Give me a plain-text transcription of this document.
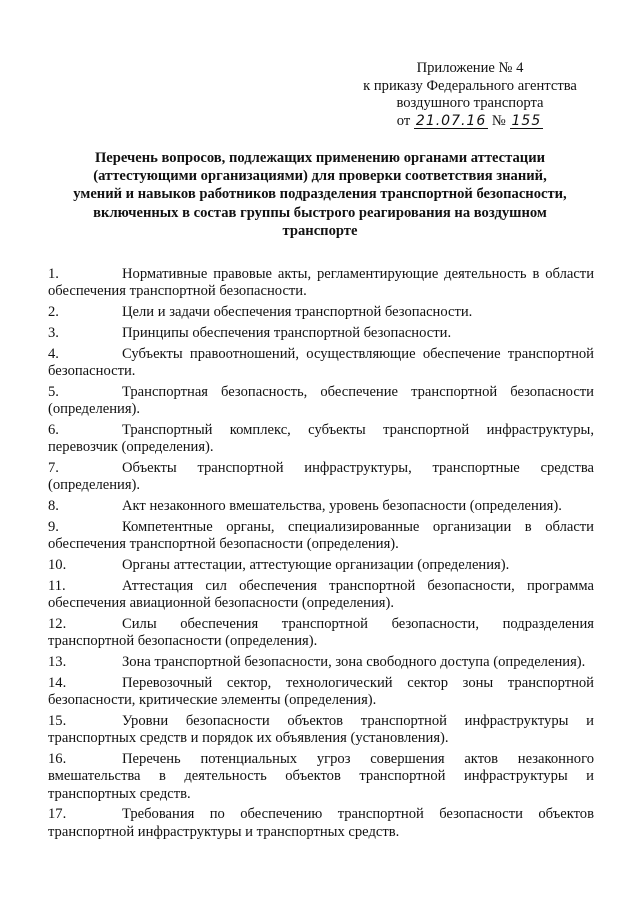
Приложение № 4
к приказу Федерального агентства
воздушного транспорта
от 21.07.16 № 155
Перечень вопросов, подлежащих применению органами аттестации (аттестующими организациями) для проверки соответствия знаний, умений и навыков работников подразделения транспортной безопасности, включенных в состав группы быстрого реагирования на воздушном транспорте
1.	Нормативные правовые акты, регламентирующие деятельность в области обеспечения транспортной безопасности.
2.	Цели и задачи обеспечения транспортной безопасности.
3.	Принципы обеспечения транспортной безопасности.
4.	Субъекты правоотношений, осуществляющие обеспечение транспортной безопасности.
5.	Транспортная безопасность, обеспечение транспортной безопасности (определения).
6.	Транспортный комплекс, субъекты транспортной инфраструктуры, перевозчик (определения).
7.	Объекты транспортной инфраструктуры, транспортные средства (определения).
8.	Акт незаконного вмешательства, уровень безопасности (определения).
9.	Компетентные органы, специализированные организации в области обеспечения транспортной безопасности (определения).
10.	Органы аттестации, аттестующие организации (определения).
11.	Аттестация сил обеспечения транспортной безопасности, программа обеспечения авиационной безопасности (определения).
12.	Силы обеспечения транспортной безопасности, подразделения транспортной безопасности (определения).
13.	Зона транспортной безопасности, зона свободного доступа (определения).
14.	Перевозочный сектор, технологический сектор зоны транспортной безопасности, критические элементы (определения).
15.	Уровни безопасности объектов транспортной инфраструктуры и транспортных средств и порядок их объявления (установления).
16.	Перечень потенциальных угроз совершения актов незаконного вмешательства в деятельность объектов транспортной инфраструктуры и транспортных средств.
17.	Требования по обеспечению транспортной безопасности объектов транспортной инфраструктуры и транспортных средств.
